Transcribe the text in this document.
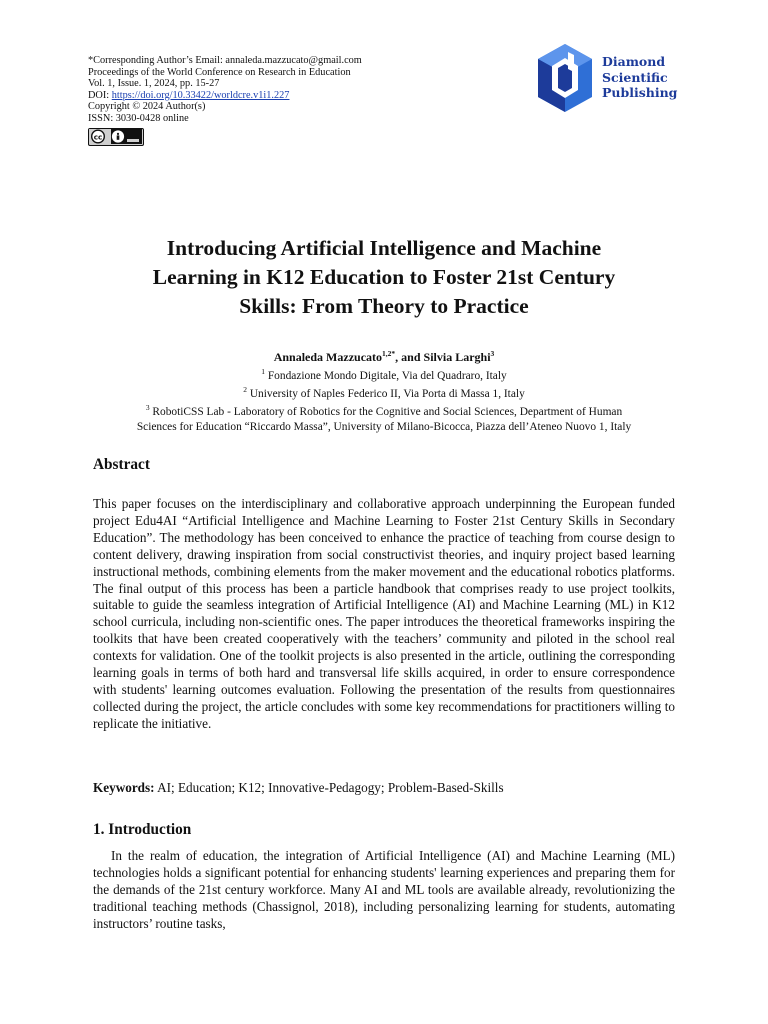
*Corresponding Author’s Email: annaleda.mazzucato@gmail.com
Proceedings of the World Conference on Research in Education
Vol. 1, Issue. 1, 2024, pp. 15-27
DOI: https://doi.org/10.33422/worldcre.v1i1.227
Copyright © 2024 Author(s)
ISSN: 3030-0428 online
cc
Diamond
Scientific
Publishing
Introducing Artificial Intelligence and Machine
Learning in K12 Education to Foster 21st Century
Skills: From Theory to Practice
Annaleda Mazzucato$^{1,2*}$, and Silvia Larghi$^3$
$^1$ Fondazione Mondo Digitale, Via del Quadraro, Italy
$^2$ University of Naples Federico II, Via Porta di Massa 1, Italy
$^3$ RobotiCSS Lab - Laboratory of Robotics for the Cognitive and Social Sciences, Department of Human
Sciences for Education “Riccardo Massa”, University of Milano-Bicocca, Piazza dell’Ateneo Nuovo 1, Italy
Abstract
This paper focuses on the interdisciplinary and collaborative approach underpinning the European funded project Edu4AI “Artificial Intelligence and Machine Learning to Foster 21st Century Skills in Secondary Education”. The methodology has been conceived to enhance the practice of teaching from course design to content delivery, drawing inspiration from social constructivist theories, and inquiry project based learning instructional methods, combining elements from the maker movement and the educational robotics platforms. The final output of this process has been a particle handbook that comprises ready to use project toolkits, suitable to guide the seamless integration of Artificial Intelligence (AI) and Machine Learning (ML) in K12 school curricula, including non-scientific ones. The paper introduces the theoretical frameworks inspiring the toolkits that have been created cooperatively with the teachers’ community and piloted in the school real contexts for validation. One of the toolkit projects is also presented in the article, outlining the corresponding learning goals in terms of both hard and transversal life skills acquired, in order to ensure correspondence with students' learning outcomes evaluation. Following the presentation of the results from questionnaires collected during the project, the article concludes with some key recommendations for practitioners willing to replicate the initiative.
Keywords: AI; Education; K12; Innovative-Pedagogy; Problem-Based-Skills
1. Introduction
In the realm of education, the integration of Artificial Intelligence (AI) and Machine Learning (ML) technologies holds a significant potential for enhancing students' learning experiences and preparing them for the demands of the 21st century workforce. Many AI and ML tools are available already, revolutionizing the traditional teaching methods (Chassignol, 2018), including personalizing learning for students, automating instructors’ routine tasks,
